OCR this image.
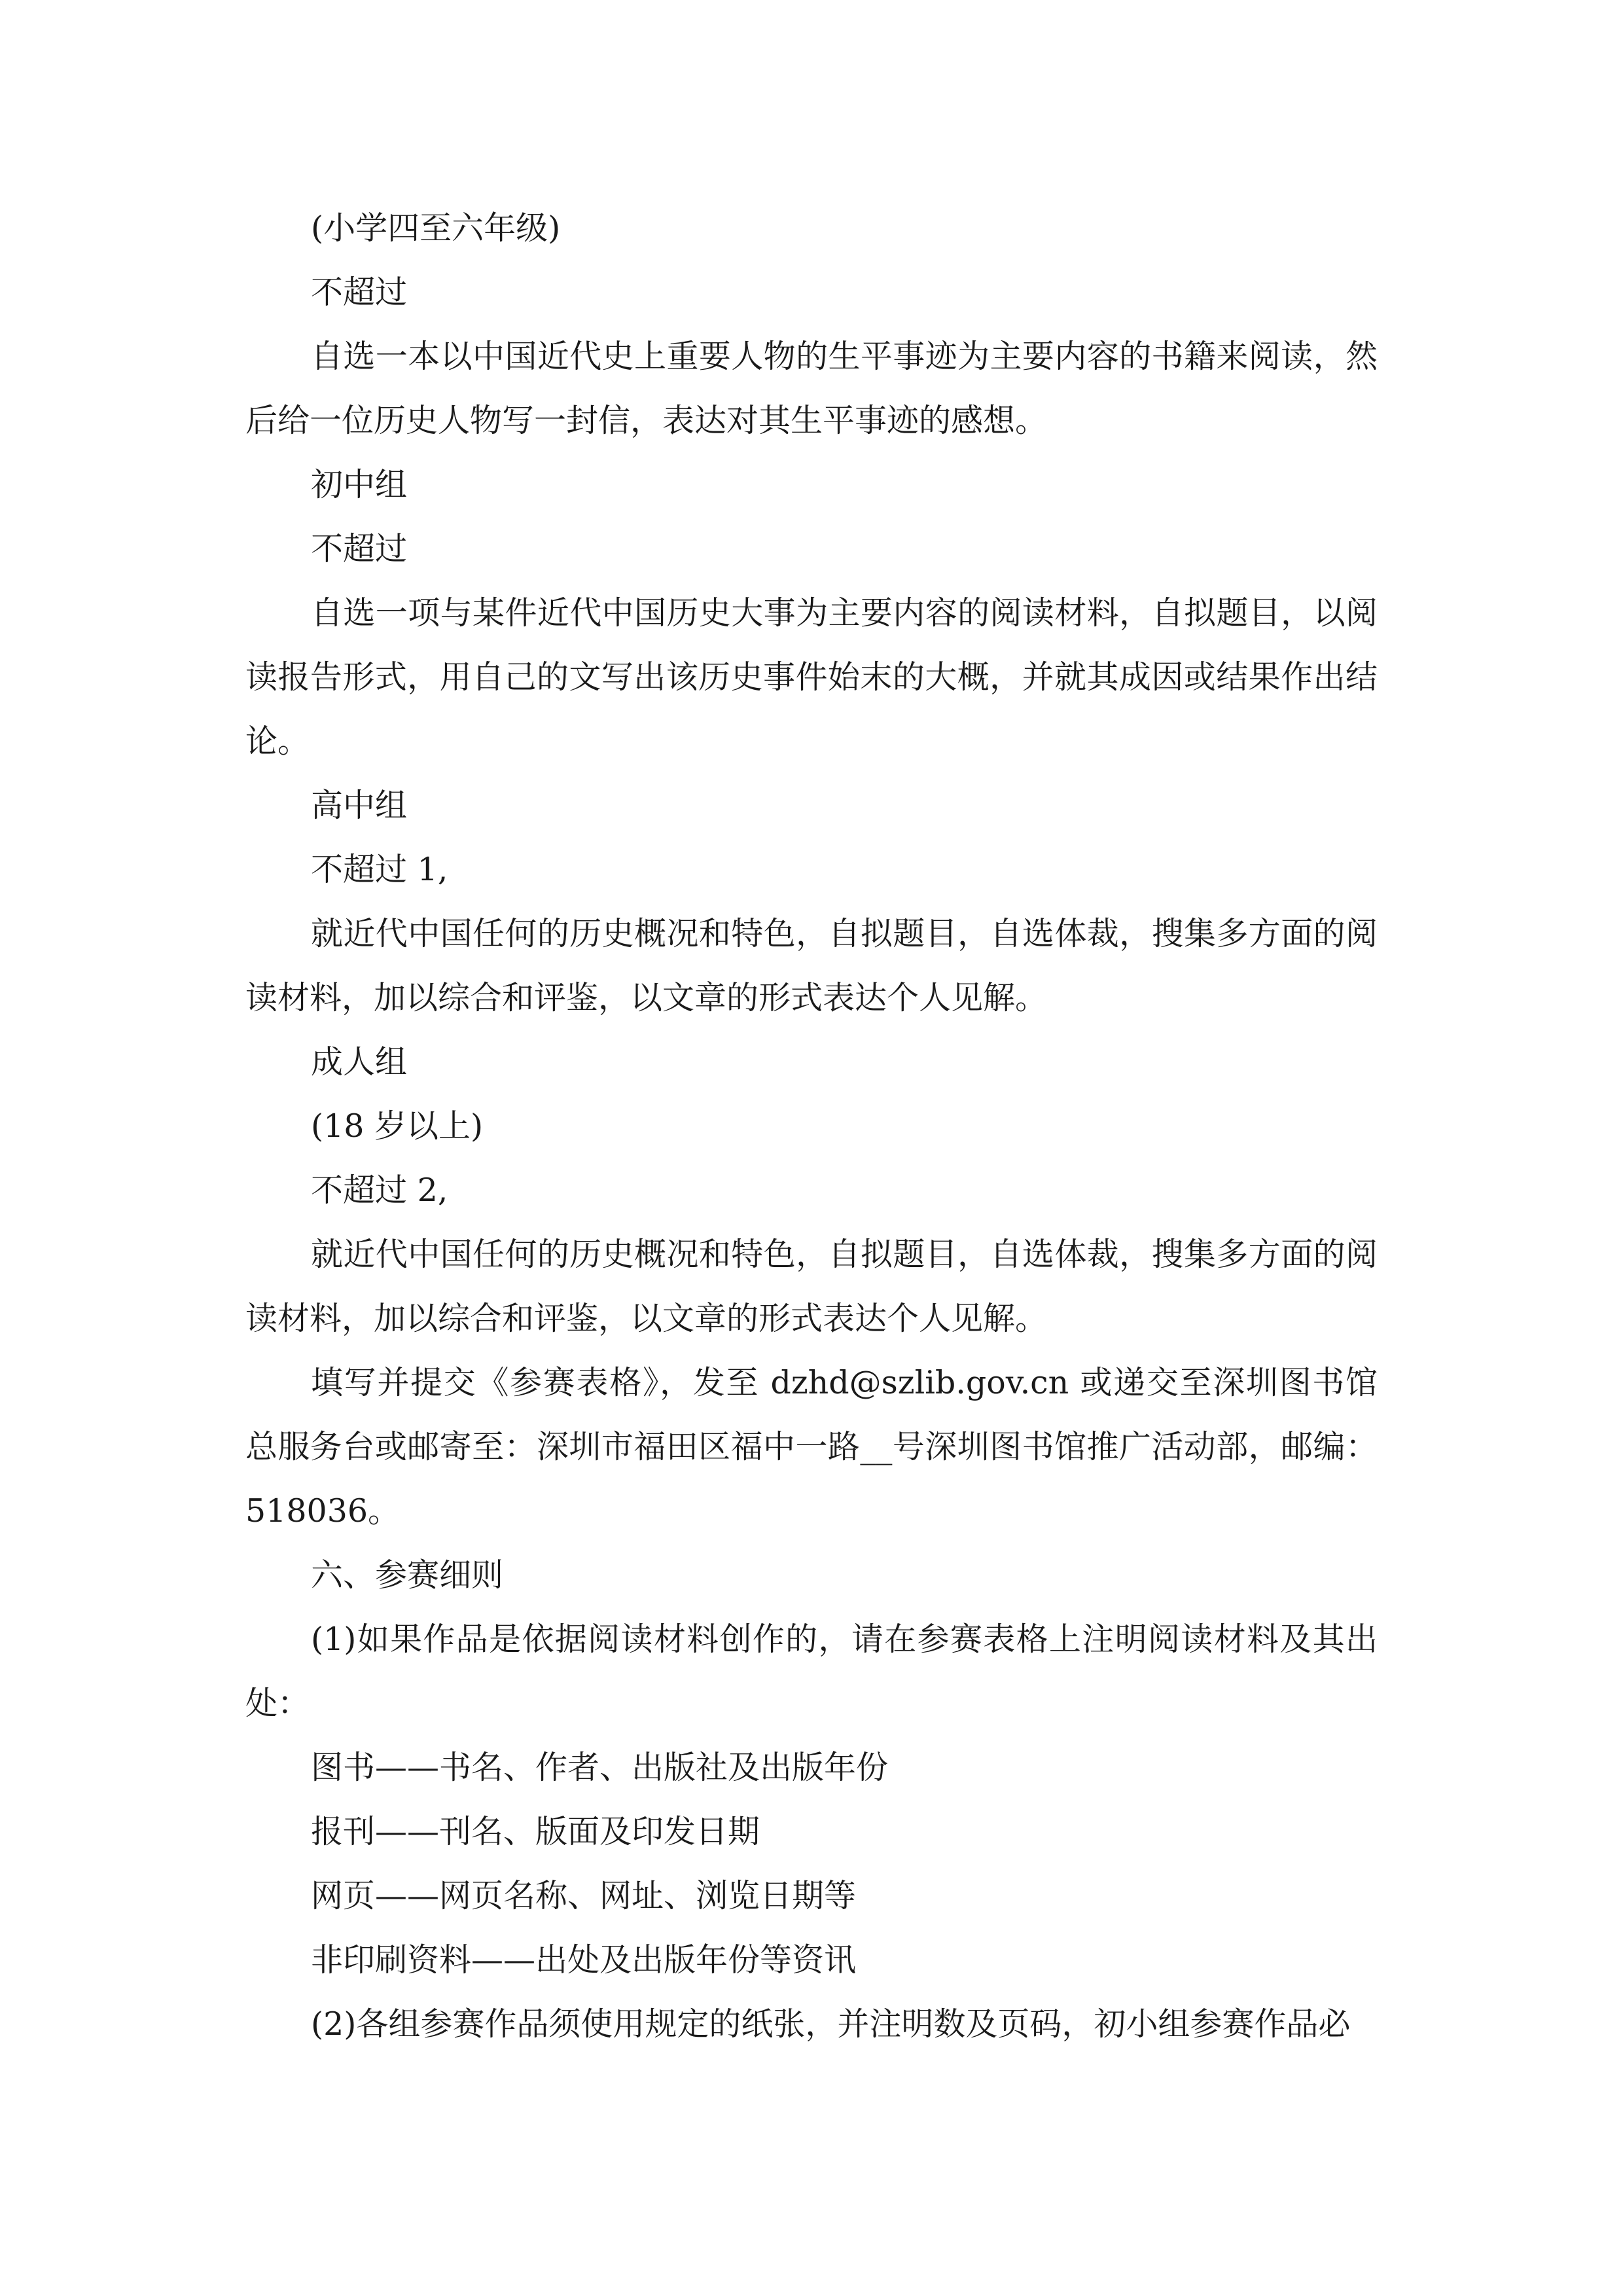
(小学四至六年级)

不超过

自选一本以中国近代史上重要人物的生平事迹为主要内容的书籍来阅读，然后给一位历史人物写一封信，表达对其生平事迹的感想。

初中组

不超过

自选一项与某件近代中国历史大事为主要内容的阅读材料，自拟题目，以阅读报告形式，用自己的文写出该历史事件始末的大概，并就其成因或结果作出结论。

高中组

不超过 1,

就近代中国任何的历史概况和特色，自拟题目，自选体裁，搜集多方面的阅读材料，加以综合和评鉴，以文章的形式表达个人见解。

成人组

(18 岁以上)

不超过 2,

就近代中国任何的历史概况和特色，自拟题目，自选体裁，搜集多方面的阅读材料，加以综合和评鉴，以文章的形式表达个人见解。

填写并提交《参赛表格》，发至 dzhd@szlib.gov.cn 或递交至深圳图书馆总服务台或邮寄至：深圳市福田区福中一路__号深圳图书馆推广活动部，邮编：518036。

六、参赛细则

(1)如果作品是依据阅读材料创作的，请在参赛表格上注明阅读材料及其出处：

图书——书名、作者、出版社及出版年份

报刊——刊名、版面及印发日期

网页——网页名称、网址、浏览日期等

非印刷资料——出处及出版年份等资讯

(2)各组参赛作品须使用规定的纸张，并注明数及页码，初小组参赛作品必
